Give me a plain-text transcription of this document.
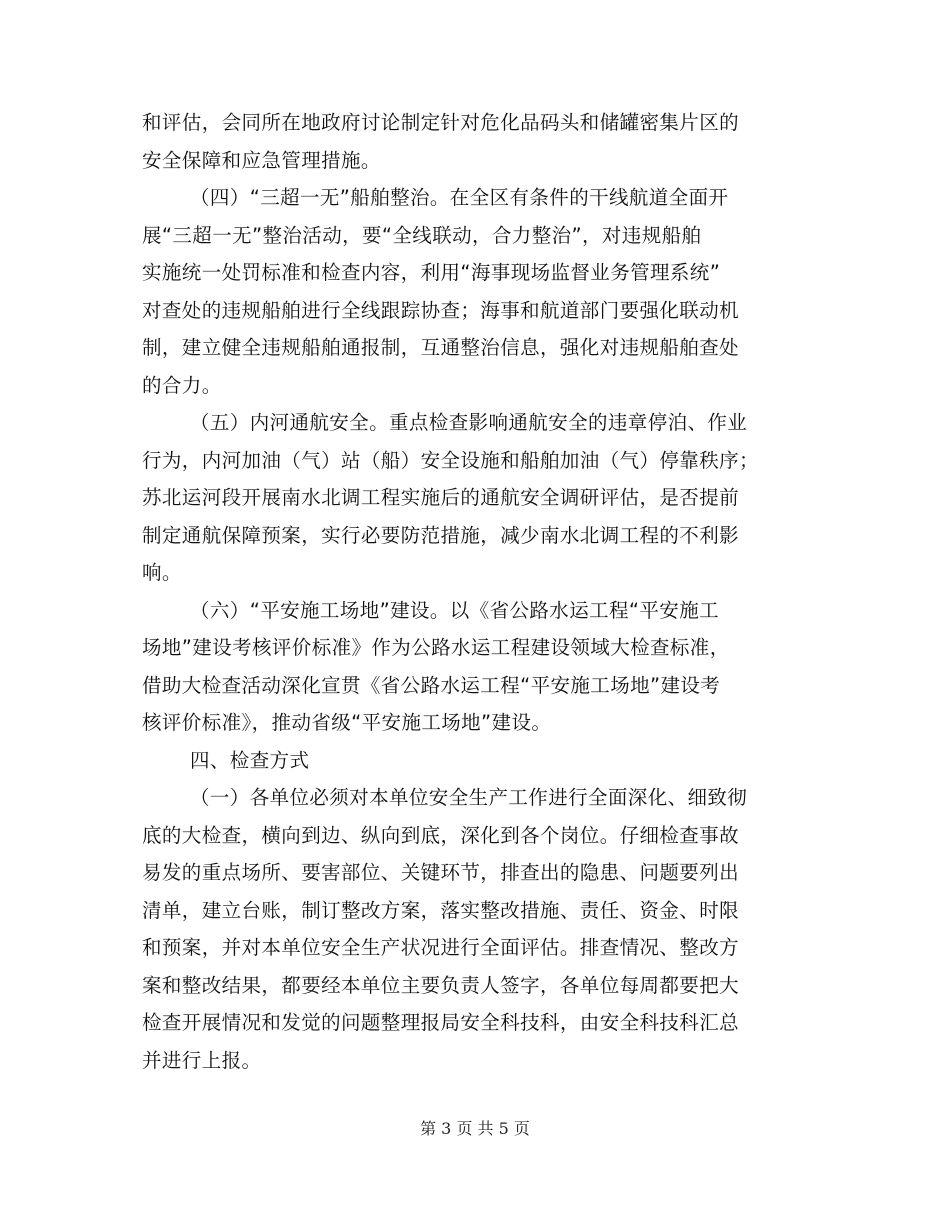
和评估，会同所在地政府讨论制定针对危化品码头和储罐密集片区的
安全保障和应急管理措施。
（四）“三超一无”船舶整治。在全区有条件的干线航道全面开
展“三超一无”整治活动，要“全线联动，合力整治”，对违规船舶
实施统一处罚标准和检查内容，利用“海事现场监督业务管理系统”
对查处的违规船舶进行全线跟踪协查；海事和航道部门要强化联动机
制，建立健全违规船舶通报制，互通整治信息，强化对违规船舶查处
的合力。
（五）内河通航安全。重点检查影响通航安全的违章停泊、作业
行为，内河加油（气）站（船）安全设施和船舶加油（气）停靠秩序；
苏北运河段开展南水北调工程实施后的通航安全调研评估，是否提前
制定通航保障预案，实行必要防范措施，减少南水北调工程的不利影
响。
（六）“平安施工场地”建设。以《省公路水运工程“平安施工
场地”建设考核评价标准》作为公路水运工程建设领域大检查标准，
借助大检查活动深化宣贯《省公路水运工程“平安施工场地”建设考
核评价标准》，推动省级“平安施工场地”建设。
四、检查方式
（一）各单位必须对本单位安全生产工作进行全面深化、细致彻
底的大检查，横向到边、纵向到底，深化到各个岗位。仔细检查事故
易发的重点场所、要害部位、关键环节，排查出的隐患、问题要列出
清单，建立台账，制订整改方案，落实整改措施、责任、资金、时限
和预案，并对本单位安全生产状况进行全面评估。排查情况、整改方
案和整改结果，都要经本单位主要负责人签字，各单位每周都要把大
检查开展情况和发觉的问题整理报局安全科技科，由安全科技科汇总
并进行上报。
第 3 页 共 5 页
